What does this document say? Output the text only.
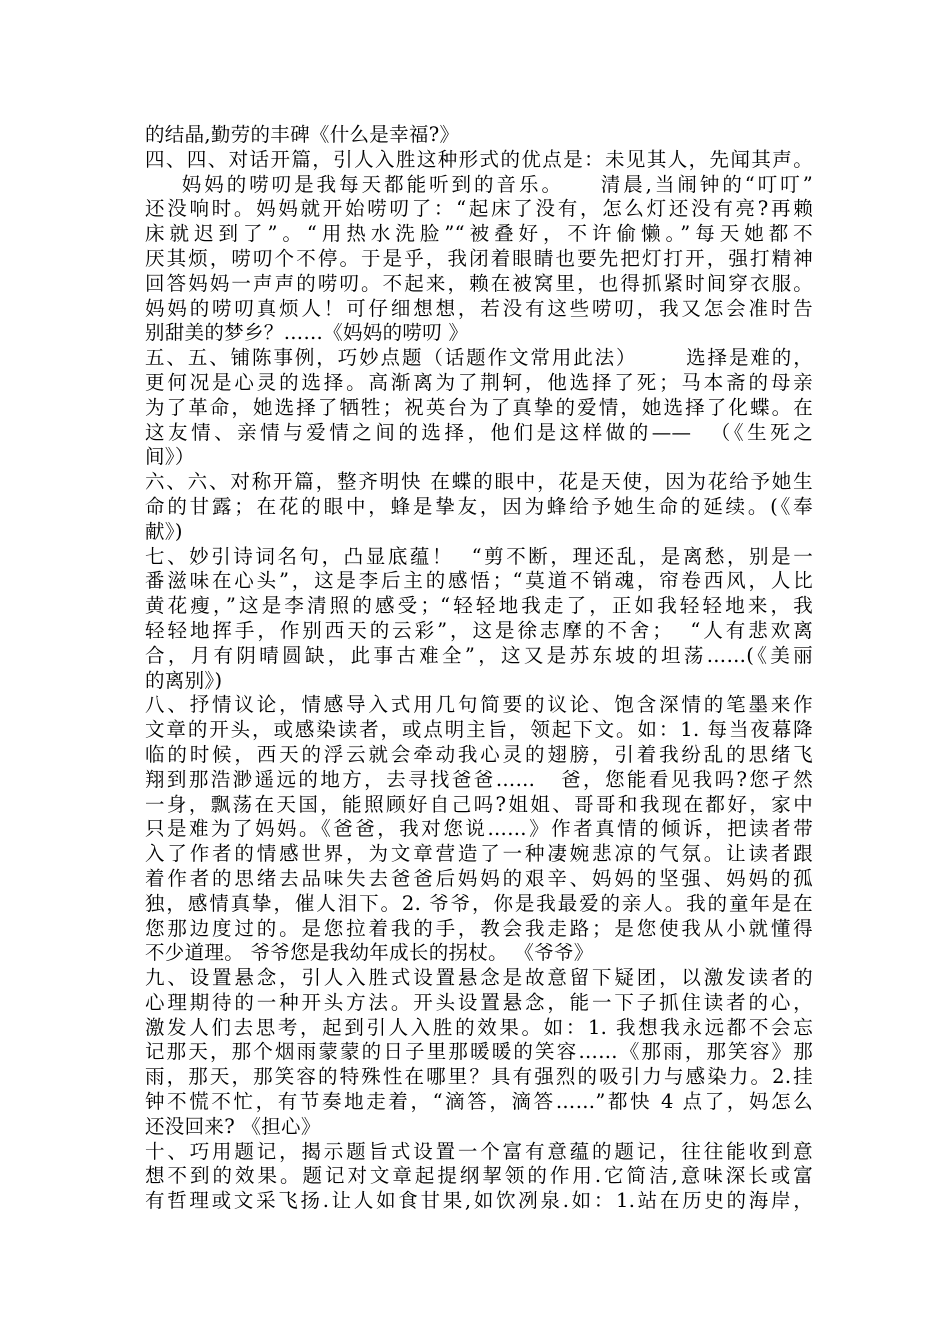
的结晶,勤劳的丰碑《什么是幸福?》
四、四、对话开篇，引人入胜这种形式的优点是：未见其人，先闻其声。
妈妈的唠叨是我每天都能听到的音乐。    清晨,当闹钟的“叮叮”
还没响时。妈妈就开始唠叨了：“起床了没有，怎么灯还没有亮?再赖
床就迟到了”。“用热水洗脸”“被叠好，不许偷懒。”每天她都不
厌其烦，唠叨个不停。于是乎，我闭着眼睛也要先把灯打开，强打精神
回答妈妈一声声的唠叨。不起来，赖在被窝里，也得抓紧时间穿衣服。
妈妈的唠叨真烦人！可仔细想想，若没有这些唠叨，我又怎会准时告
别甜美的梦乡？……《妈妈的唠叨 》
五、五、铺陈事例，巧妙点题（话题作文常用此法）      选择是难的，
更何况是心灵的选择。高渐离为了荆轲，他选择了死；马本斋的母亲
为了革命，她选择了牺牲；祝英台为了真挚的爱情，她选择了化蝶。在
这友情、亲情与爱情之间的选择，他们是这样做的——  （《生死之
间》）
六、六、对称开篇，整齐明快 在蝶的眼中，花是天使，因为花给予她生
命的甘露；在花的眼中，蜂是挚友，因为蜂给予她生命的延续。(《奉
献》)
七、妙引诗词名句，凸显底蕴！  “剪不断，理还乱，是离愁，别是一
番滋味在心头”，这是李后主的感悟；“莫道不销魂，帘卷西风，人比
黄花瘦，”这是李清照的感受；“轻轻地我走了，正如我轻轻地来，我
轻轻地挥手，作别西天的云彩”，这是徐志摩的不舍；  “人有悲欢离
合，月有阴晴圆缺，此事古难全”，这又是苏东坡的坦荡……(《美丽
的离别》)
八、抒情议论，情感导入式用几句简要的议论、饱含深情的笔墨来作
文章的开头，或感染读者，或点明主旨，领起下文。如：1. 每当夜幕降
临的时候，西天的浮云就会牵动我心灵的翅膀，引着我纷乱的思绪飞
翔到那浩渺遥远的地方，去寻找爸爸……   爸，您能看见我吗?您孑然
一身，飘荡在天国，能照顾好自己吗?姐姐、哥哥和我现在都好，家中
只是难为了妈妈。《爸爸，我对您说……》作者真情的倾诉，把读者带
入了作者的情感世界，为文章营造了一种凄婉悲凉的气氛。让读者跟
着作者的思绪去品味失去爸爸后妈妈的艰辛、妈妈的坚强、妈妈的孤
独，感情真挚，催人泪下。2. 爷爷，你是我最爱的亲人。我的童年是在
您那边度过的。是您拉着我的手，教会我走路；是您使我从小就懂得
不少道理。 爷爷您是我幼年成长的拐杖。 《爷爷》
九、设置悬念，引人入胜式设置悬念是故意留下疑团，以激发读者的
心理期待的一种开头方法。开头设置悬念，能一下子抓住读者的心，
激发人们去思考，起到引人入胜的效果。如：1. 我想我永远都不会忘
记那天，那个烟雨蒙蒙的日子里那暖暖的笑容……《那雨，那笑容》那
雨，那天，那笑容的特殊性在哪里？具有强烈的吸引力与感染力。2.挂
钟不慌不忙，有节奏地走着，“滴答，滴答……”都快 4 点了，妈怎么
还没回来? 《担心》
十、巧用题记，揭示题旨式设置一个富有意蕴的题记，往往能收到意
想不到的效果。题记对文章起提纲挈领的作用.它简洁,意味深长或富
有哲理或文采飞扬.让人如食甘果,如饮冽泉.如：1.站在历史的海岸，
